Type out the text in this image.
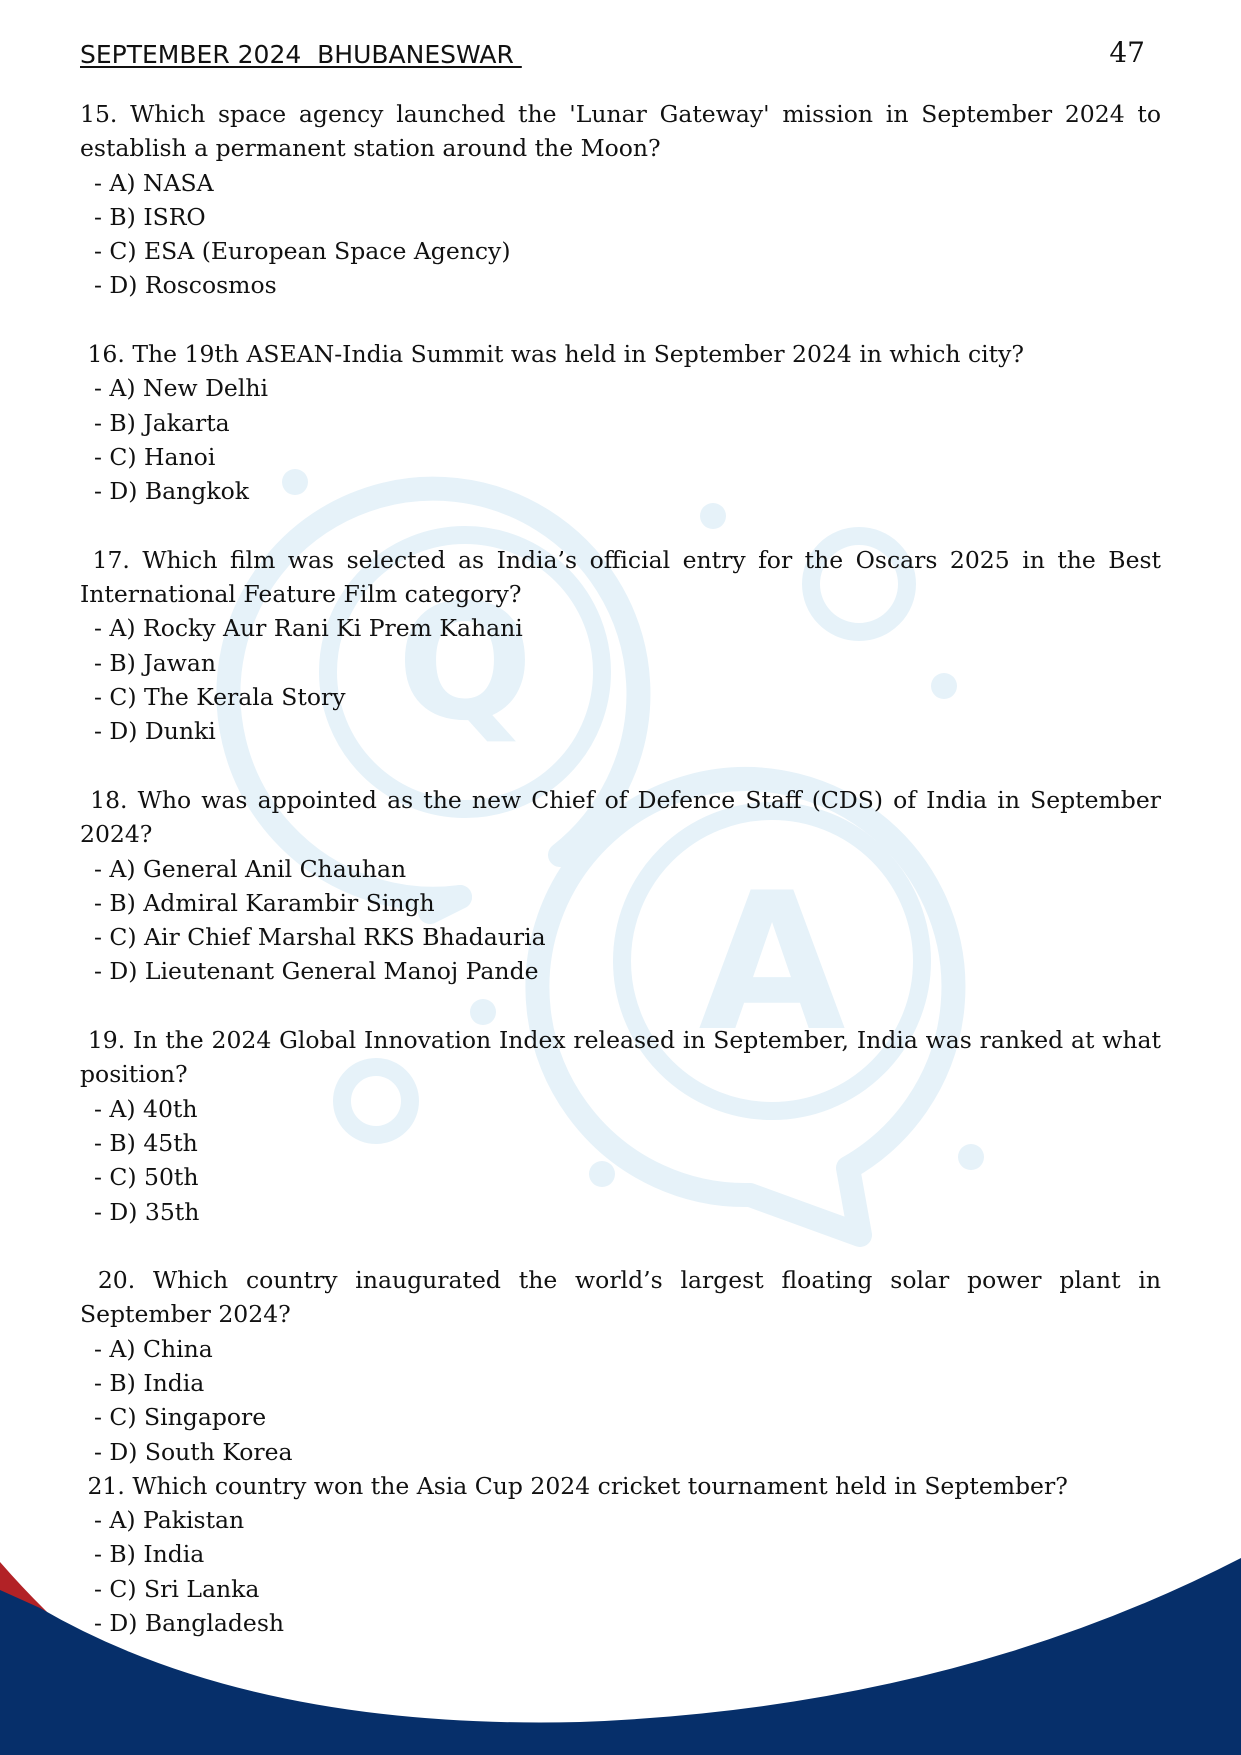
Q
A
SEPTEMBER 2024  BHUBANESWAR	47
15. Which space agency launched the 'Lunar Gateway' mission in September 2024 to establish a permanent station around the Moon?
- A) NASA
- B) ISRO
- C) ESA (European Space Agency)
- D) Roscosmos
16. The 19th ASEAN-India Summit was held in September 2024 in which city?
- A) New Delhi
- B) Jakarta
- C) Hanoi
- D) Bangkok
17. Which film was selected as India’s official entry for the Oscars 2025 in the Best International Feature Film category?
- A) Rocky Aur Rani Ki Prem Kahani
- B) Jawan
- C) The Kerala Story
- D) Dunki
18. Who was appointed as the new Chief of Defence Staff (CDS) of India in September 2024?
- A) General Anil Chauhan
- B) Admiral Karambir Singh
- C) Air Chief Marshal RKS Bhadauria
- D) Lieutenant General Manoj Pande
19. In the 2024 Global Innovation Index released in September, India was ranked at what position?
- A) 40th
- B) 45th
- C) 50th
- D) 35th
20. Which country inaugurated the world’s largest floating solar power plant in September 2024?
- A) China
- B) India
- C) Singapore
- D) South Korea
21. Which country won the Asia Cup 2024 cricket tournament held in September?
- A) Pakistan
- B) India
- C) Sri Lanka
- D) Bangladesh
